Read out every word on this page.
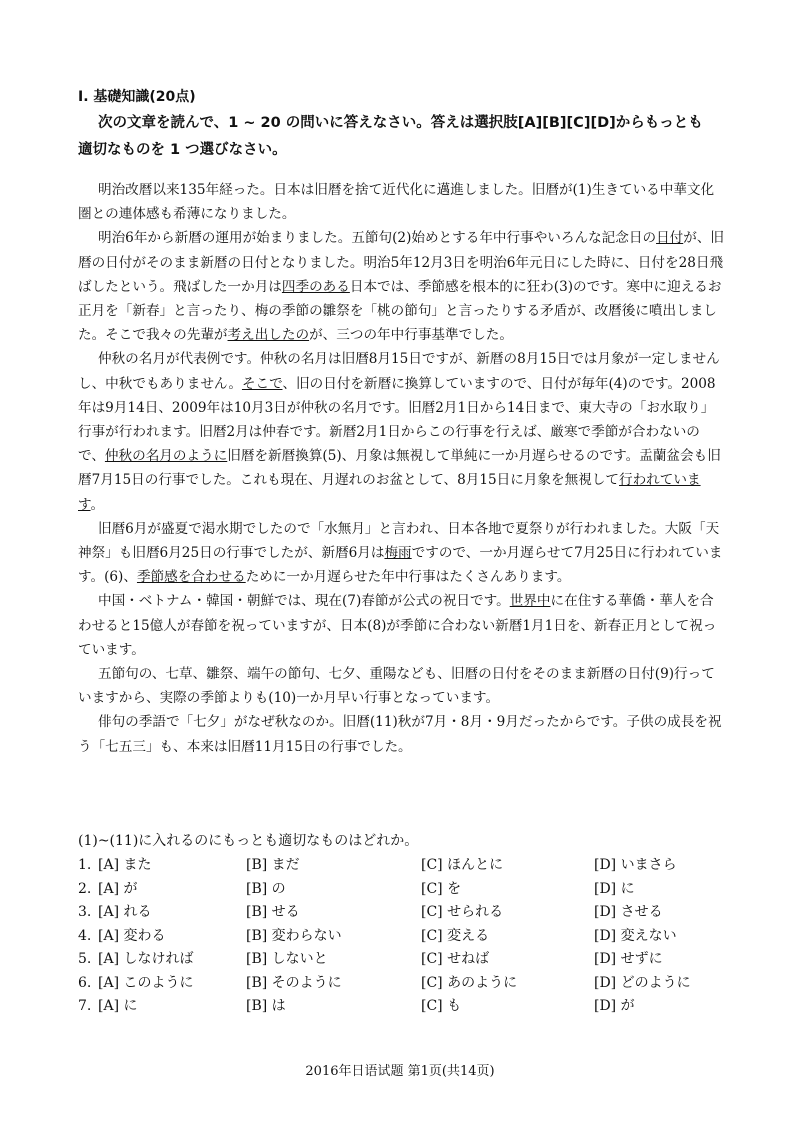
Ⅰ. 基礎知識(20点)
次の文章を読んで、1 ~ 20 の問いに答えなさい。答えは選択肢[A][B][C][D]からもっとも
適切なものを 1 つ選びなさい。

明治改暦以来135年経った。日本は旧暦を捨て近代化に邁進しました。旧暦が(1)生きている中華文化圏との連体感も希薄になりました。

明治6年から新暦の運用が始まりました。五節句(2)始めとする年中行事やいろんな記念日の日付が、旧暦の日付がそのまま新暦の日付となりました。明治5年12月3日を明治6年元日にした時に、日付を28日飛ばしたという。飛ばした一か月は四季のある日本では、季節感を根本的に狂わ(3)のです。寒中に迎えるお正月を「新春」と言ったり、梅の季節の雛祭を「桃の節句」と言ったりする矛盾が、改暦後に噴出しました。そこで我々の先輩が考え出したのが、三つの年中行事基準でした。

仲秋の名月が代表例です。仲秋の名月は旧暦8月15日ですが、新暦の8月15日では月象が一定しませんし、中秋でもありません。そこで、旧の日付を新暦に換算していますので、日付が毎年(4)のです。2008年は9月14日、2009年は10月3日が仲秋の名月です。旧暦2月1日から14日まで、東大寺の「お水取り」行事が行われます。旧暦2月は仲春です。新暦2月1日からこの行事を行えば、厳寒で季節が合わないので、仲秋の名月のように旧暦を新暦換算(5)、月象は無視して単純に一か月遅らせるのです。盂蘭盆会も旧暦7月15日の行事でした。これも現在、月遅れのお盆として、8月15日に月象を無視して行われています。

旧暦6月が盛夏で渇水期でしたので「水無月」と言われ、日本各地で夏祭りが行われました。大阪「天神祭」も旧暦6月25日の行事でしたが、新暦6月は梅雨ですので、一か月遅らせて7月25日に行われています。(6)、季節感を合わせるために一か月遅らせた年中行事はたくさんあります。

中国・ベトナム・韓国・朝鮮では、現在(7)春節が公式の祝日です。世界中に在住する華僑・華人を合わせると15億人が春節を祝っていますが、日本(8)が季節に合わない新暦1月1日を、新春正月として祝っています。

五節句の、七草、雛祭、端午の節句、七夕、重陽なども、旧暦の日付をそのまま新暦の日付(9)行っていますから、実際の季節よりも(10)一か月早い行事となっています。

俳句の季語で「七夕」がなぜ秋なのか。旧暦(11)秋が7月・8月・9月だったからです。子供の成長を祝う「七五三」も、本来は旧暦11月15日の行事でした。

(1)~(11)に入れるのにもっとも適切なものはどれか。
1. [A] また	[B] まだ	[C] ほんとに	[D] いまさら
2. [A] が	[B] の	[C] を	[D] に
3. [A] れる	[B] せる	[C] せられる	[D] させる
4. [A] 変わる	[B] 変わらない	[C] 変える	[D] 変えない
5. [A] しなければ	[B] しないと	[C] せねば	[D] せずに
6. [A] このように	[B] そのように	[C] あのように	[D] どのように
7. [A] に	[B] は	[C] も	[D] が
2016年日语试题 第1页(共14页)
